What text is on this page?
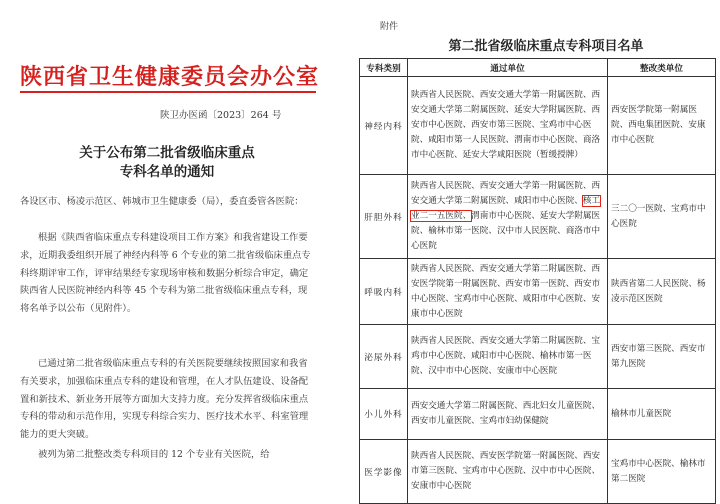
陕西省卫生健康委员会办公室
陕卫办医函〔2023〕264 号
关于公布第二批省级临床重点
专科名单的通知

各设区市、杨凌示范区、韩城市卫生健康委（局），委直委管各医院：

根据《陕西省临床重点专科建设项目工作方案》和我省建设工作要求，近期我委组织开展了神经内科等 6 个专业的第二批省级临床重点专科终期评审工作，评审结果经专家现场审核和数据分析综合审定，确定陕西省人民医院神经内科等 45 个专科为第二批省级临床重点专科，现将名单予以公布（见附件）。

已通过第二批省级临床重点专科的有关医院要继续按照国家和我省有关要求，加强临床重点专科的建设和管理，在人才队伍建设、设备配置和新技术、新业务开展等方面加大支持力度。充分发挥省级临床重点专科的带动和示范作用，实现专科综合实力、医疗技术水平、科室管理能力的更大突破。

被列为第二批整改类专科项目的 12 个专业有关医院，给

附件
第二批省级临床重点专科项目名单
专科类别	通过单位	整改类单位
神经内科	陕西省人民医院、西安交通大学第一附属医院、西安交通大学第二附属医院、延安大学附属医院、西安市中心医院、西安市第三医院、宝鸡市中心医院、咸阳市第一人民医院、渭南市中心医院、商洛市中心医院、延安大学咸阳医院（暂缓授牌）	西安医学院第一附属医院、西电集团医院、安康市中心医院
肝胆外科	陕西省人民医院、西安交通大学第一附属医院、西安交通大学第二附属医院、咸阳市中心医院、核工业二一五医院、渭南市中心医院、延安大学附属医院、榆林市第一医院、汉中市人民医院、商洛市中心医院	三二〇一医院、宝鸡市中心医院
呼吸内科	陕西省人民医院、西安交通大学第二附属医院、西安医学院第一附属医院、西安市第一医院、西安市中心医院、宝鸡市中心医院、咸阳市中心医院、安康市中心医院	陕西省第二人民医院、杨凌示范区医院
泌尿外科	陕西省人民医院、西安交通大学第二附属医院、宝鸡市中心医院、咸阳市中心医院、榆林市第一医院、汉中市中心医院、安康市中心医院	西安市第三医院、西安市第九医院
小儿外科	西安交通大学第二附属医院、西北妇女儿童医院、西安市儿童医院、宝鸡市妇幼保健院	榆林市儿童医院
医学影像	陕西省人民医院、西安医学院第一附属医院、西安市第三医院、宝鸡市中心医院、汉中市中心医院、安康市中心医院	宝鸡市中心医院、榆林市第二医院
